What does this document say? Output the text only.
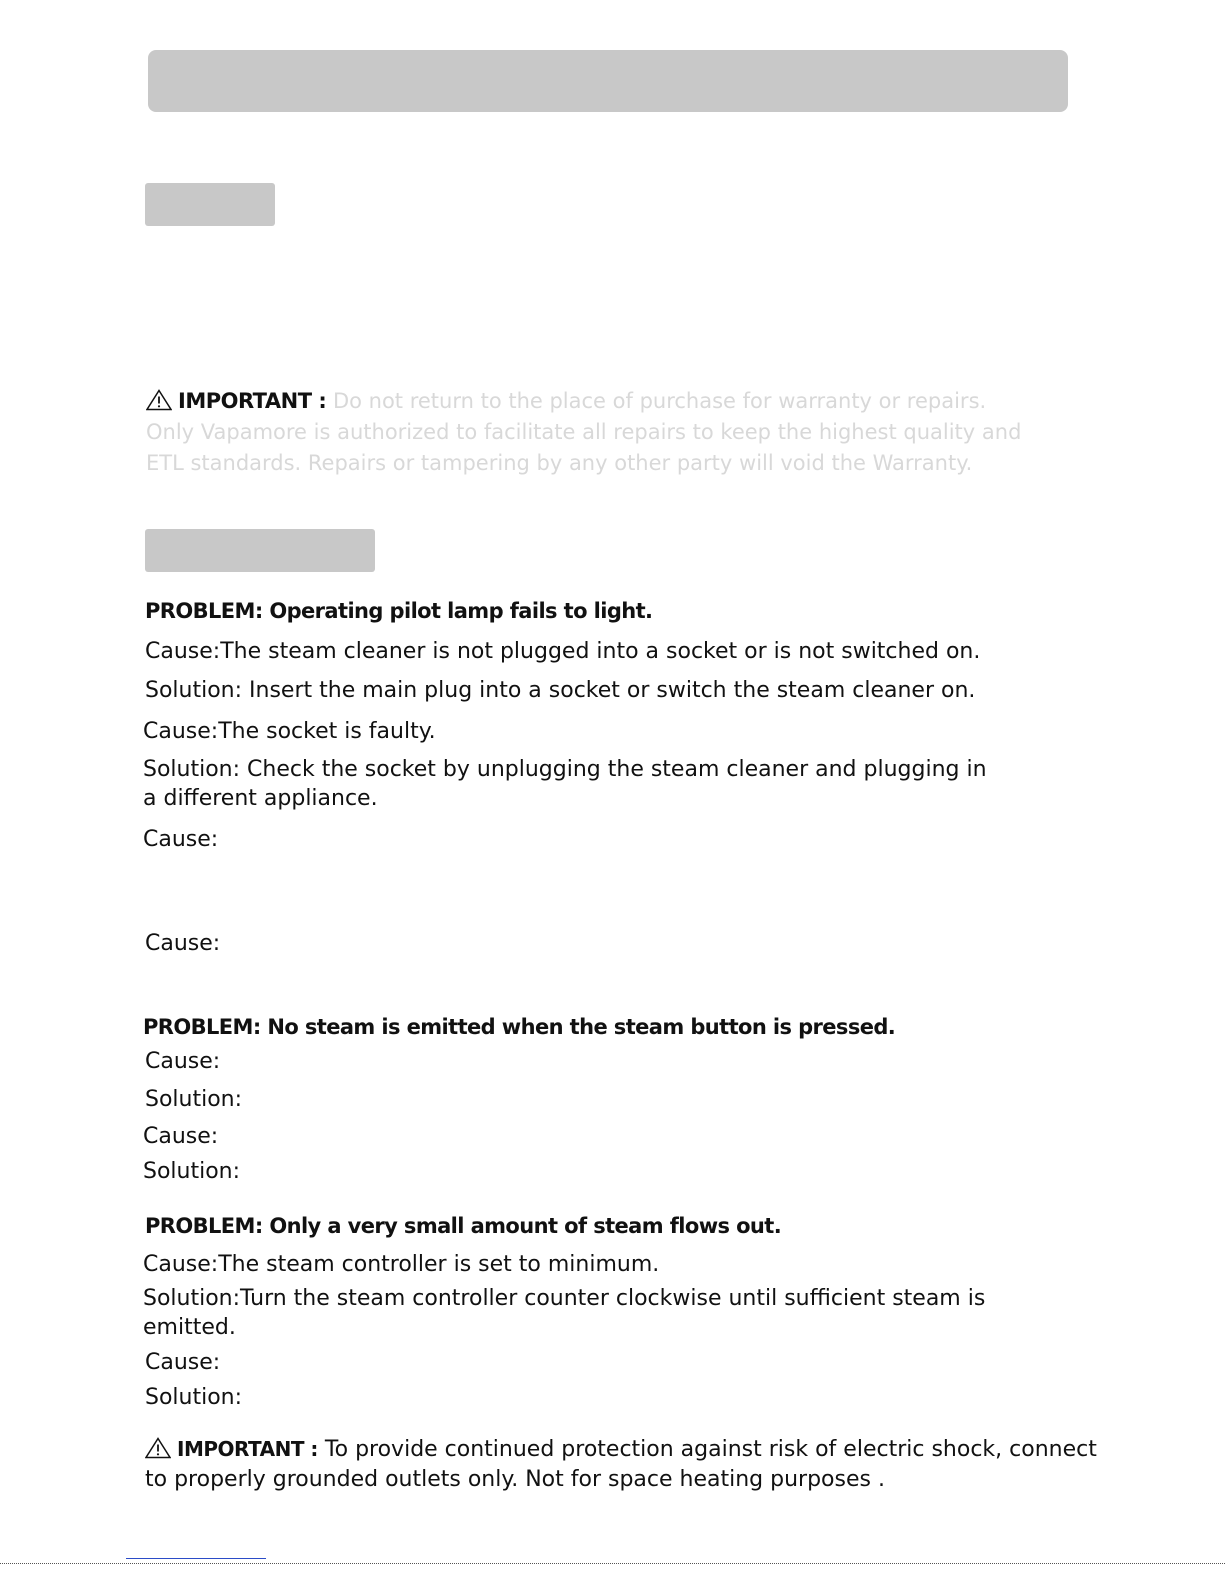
IMPORTANT : Do not return to the place of purchase for warranty or repairs. Only Vapamore is authorized to facilitate all repairs to keep the highest quality and ETL standards. Repairs or tampering by any other party will void the Warranty.
PROBLEM: Operating pilot lamp fails to light.
Cause:The steam cleaner is not plugged into a socket or is not switched on.
Solution: Insert the main plug into a socket or switch the steam cleaner on.
Cause:The socket is faulty.
Solution: Check the socket by unplugging the steam cleaner and plugging in
a different appliance.
Cause:
Cause:
PROBLEM: No steam is emitted when the steam button is pressed.
Cause:
Solution:
Cause:
Solution:
PROBLEM: Only a very small amount of steam flows out.
Cause:The steam controller is set to minimum.
Solution:Turn the steam controller counter clockwise until sufficient steam is
emitted.
Cause:
Solution:
IMPORTANT : To provide continued protection against risk of electric shock, connect
to properly grounded outlets only. Not for space heating purposes .
